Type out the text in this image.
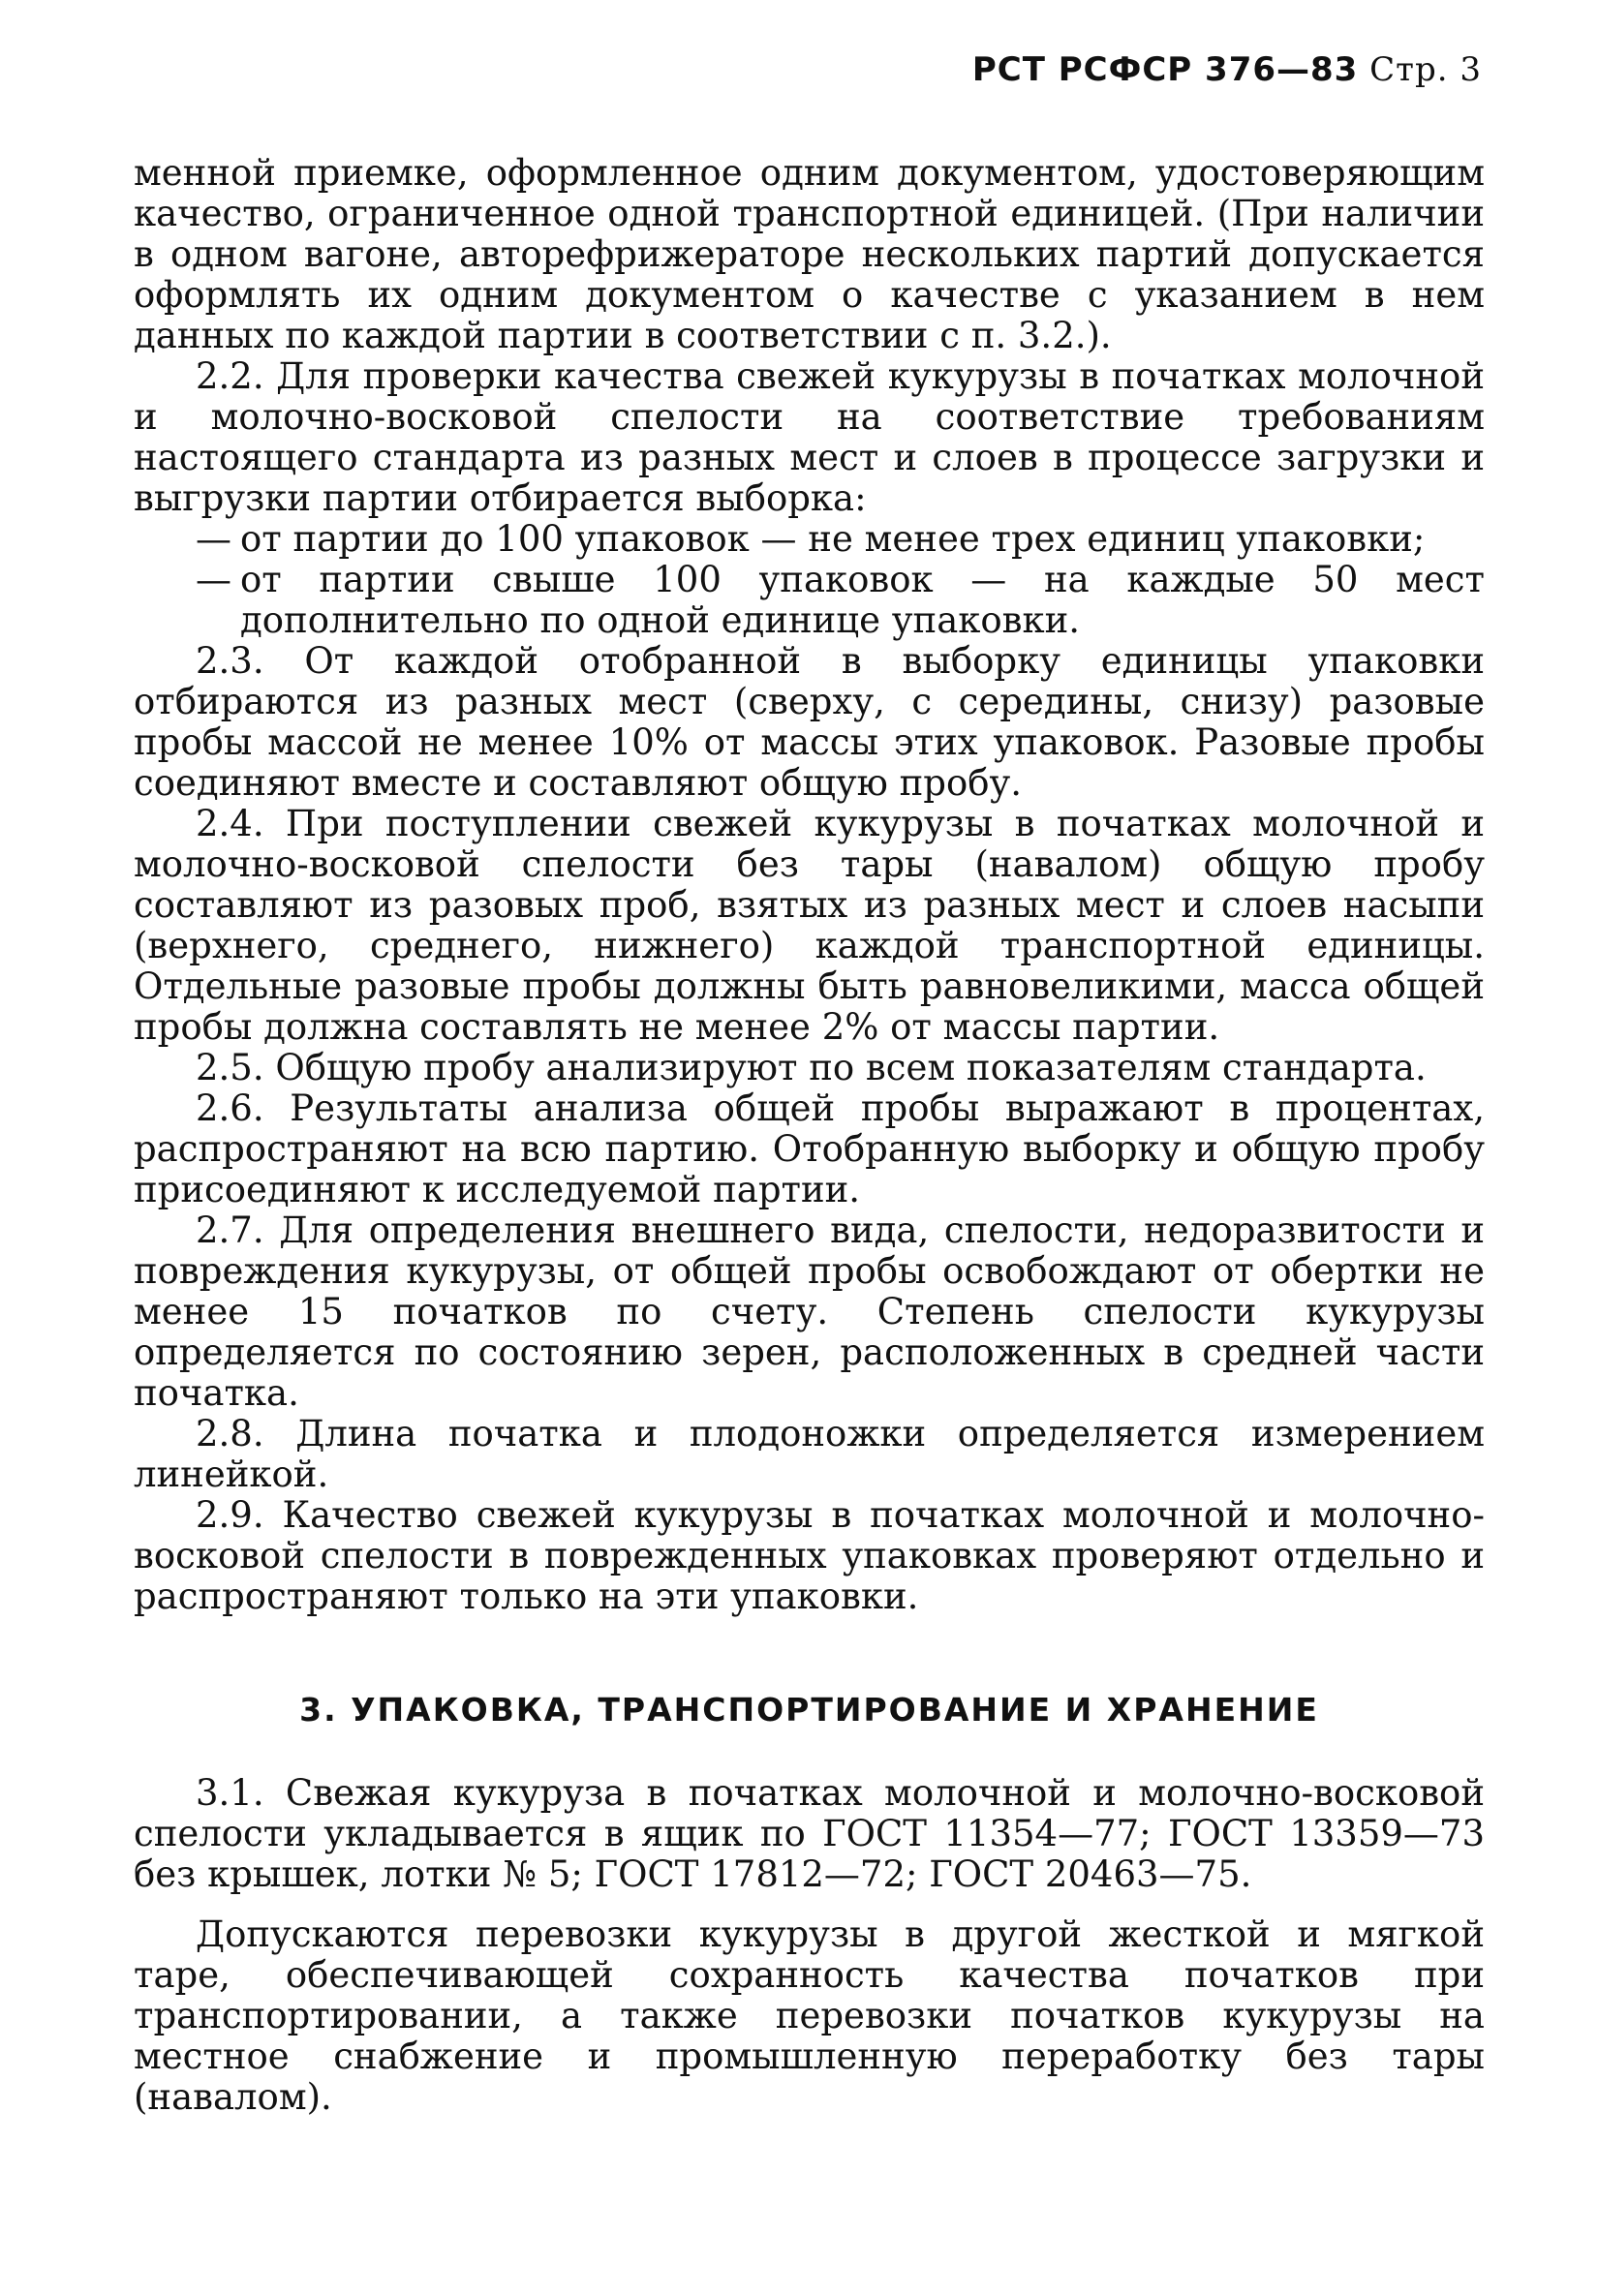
РСТ РСФСР 376—83 Стр. 3

менной приемке, оформленное одним документом, удостоверяющим качество, ограниченное одной транспортной единицей. (При наличии в одном вагоне, авторефрижераторе нескольких партий допускается оформлять их одним документом о качестве с указанием в нем данных по каждой партии в соответствии с п. 3.2.).

2.2. Для проверки качества свежей кукурузы в початках молочной и молочно-восковой спелости на соответствие требованиям настоящего стандарта из разных мест и слоев в процессе загрузки и выгрузки партии отбирается выборка:

— от партии до 100 упаковок — не менее трех единиц упаковки;
— от партии свыше 100 упаковок — на каждые 50 мест дополнительно по одной единице упаковки.

2.3. От каждой отобранной в выборку единицы упаковки отбираются из разных мест (сверху, с середины, снизу) разовые пробы массой не менее 10% от массы этих упаковок. Разовые пробы соединяют вместе и составляют общую пробу.

2.4. При поступлении свежей кукурузы в початках молочной и молочно-восковой спелости без тары (навалом) общую пробу составляют из разовых проб, взятых из разных мест и слоев насыпи (верхнего, среднего, нижнего) каждой транспортной единицы. Отдельные разовые пробы должны быть равновеликими, масса общей пробы должна составлять не менее 2% от массы партии.

2.5. Общую пробу анализируют по всем показателям стандарта.

2.6. Результаты анализа общей пробы выражают в процентах, распространяют на всю партию. Отобранную выборку и общую пробу присоединяют к исследуемой партии.

2.7. Для определения внешнего вида, спелости, недоразвитости и повреждения кукурузы, от общей пробы освобождают от обертки не менее 15 початков по счету. Степень спелости кукурузы определяется по состоянию зерен, расположенных в средней части початка.

2.8. Длина початка и плодоножки определяется измерением линейкой.

2.9. Качество свежей кукурузы в початках молочной и молочно-восковой спелости в поврежденных упаковках проверяют отдельно и распространяют только на эти упаковки.

3. УПАКОВКА, ТРАНСПОРТИРОВАНИЕ И ХРАНЕНИЕ

3.1. Свежая кукуруза в початках молочной и молочно-восковой спелости укладывается в ящик по ГОСТ 11354—77; ГОСТ 13359—73 без крышек, лотки № 5; ГОСТ 17812—72; ГОСТ 20463—75.

Допускаются перевозки кукурузы в другой жесткой и мягкой таре, обеспечивающей сохранность качества початков при транспортировании, а также перевозки початков кукурузы на местное снабжение и промышленную переработку без тары (навалом).
